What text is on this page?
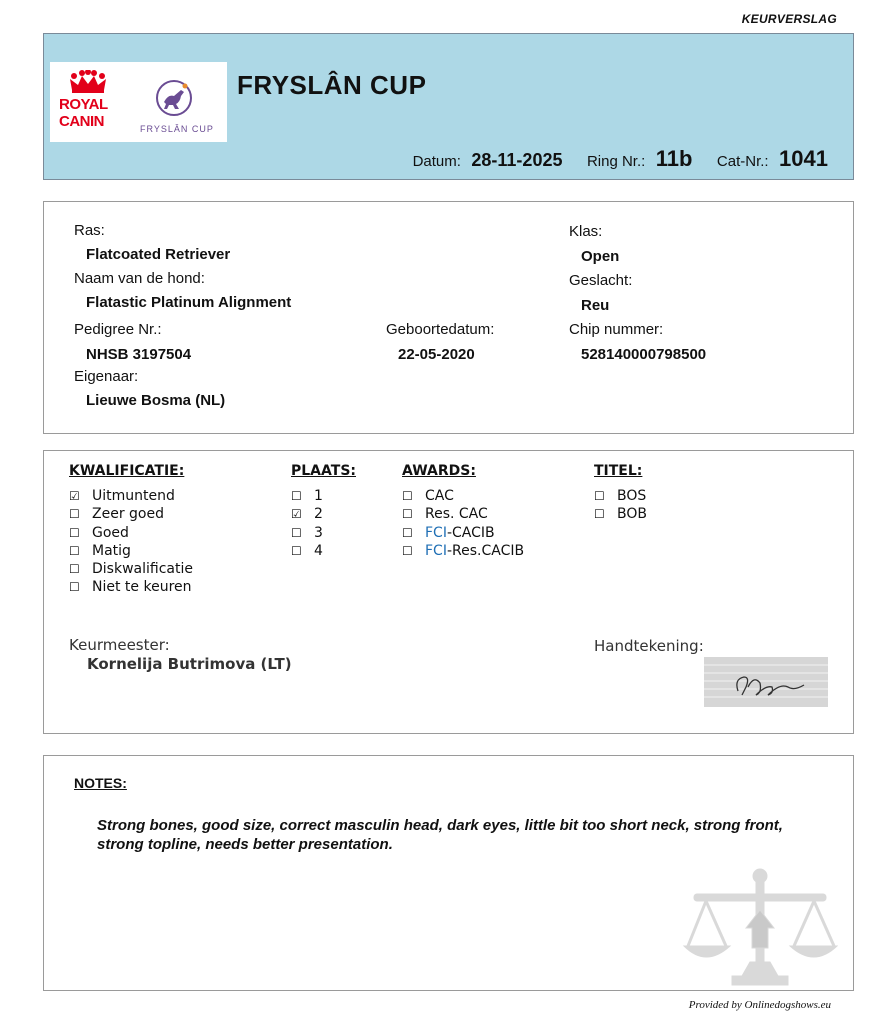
KEURVERSLAG
ROYAL
CANIN	FRYSLÂN CUP
FRYSLÂN CUP
Datum: 28-11-2025 Ring Nr.: 11b Cat-Nr.: 1041
Ras:
Flatcoated Retriever
Naam van de hond:
Flatastic Platinum Alignment
Pedigree Nr.:
NHSB 3197504
Eigenaar:
Lieuwe Bosma (NL)
Geboortedatum:
22-05-2020
Klas:
Open
Geslacht:
Reu
Chip nummer:
528140000798500
KWALIFICATIE:
☑ Uitmuntend
☐ Zeer goed
☐ Goed
☐ Matig
☐ Diskwalificatie
☐ Niet te keuren
PLAATS:
☐ 1
☑ 2
☐ 3
☐ 4
AWARDS:
☐ CAC
☐ Res. CAC
☐ FCI-CACIB
☐ FCI-Res.CACIB
TITEL:
☐ BOS
☐ BOB
Keurmeester:
Kornelija Butrimova (LT)
Handtekening:
NOTES:
Strong bones, good size, correct masculin head, dark eyes, little bit too short neck, strong front, strong topline, needs better presentation.
Provided by Onlinedogshows.eu
